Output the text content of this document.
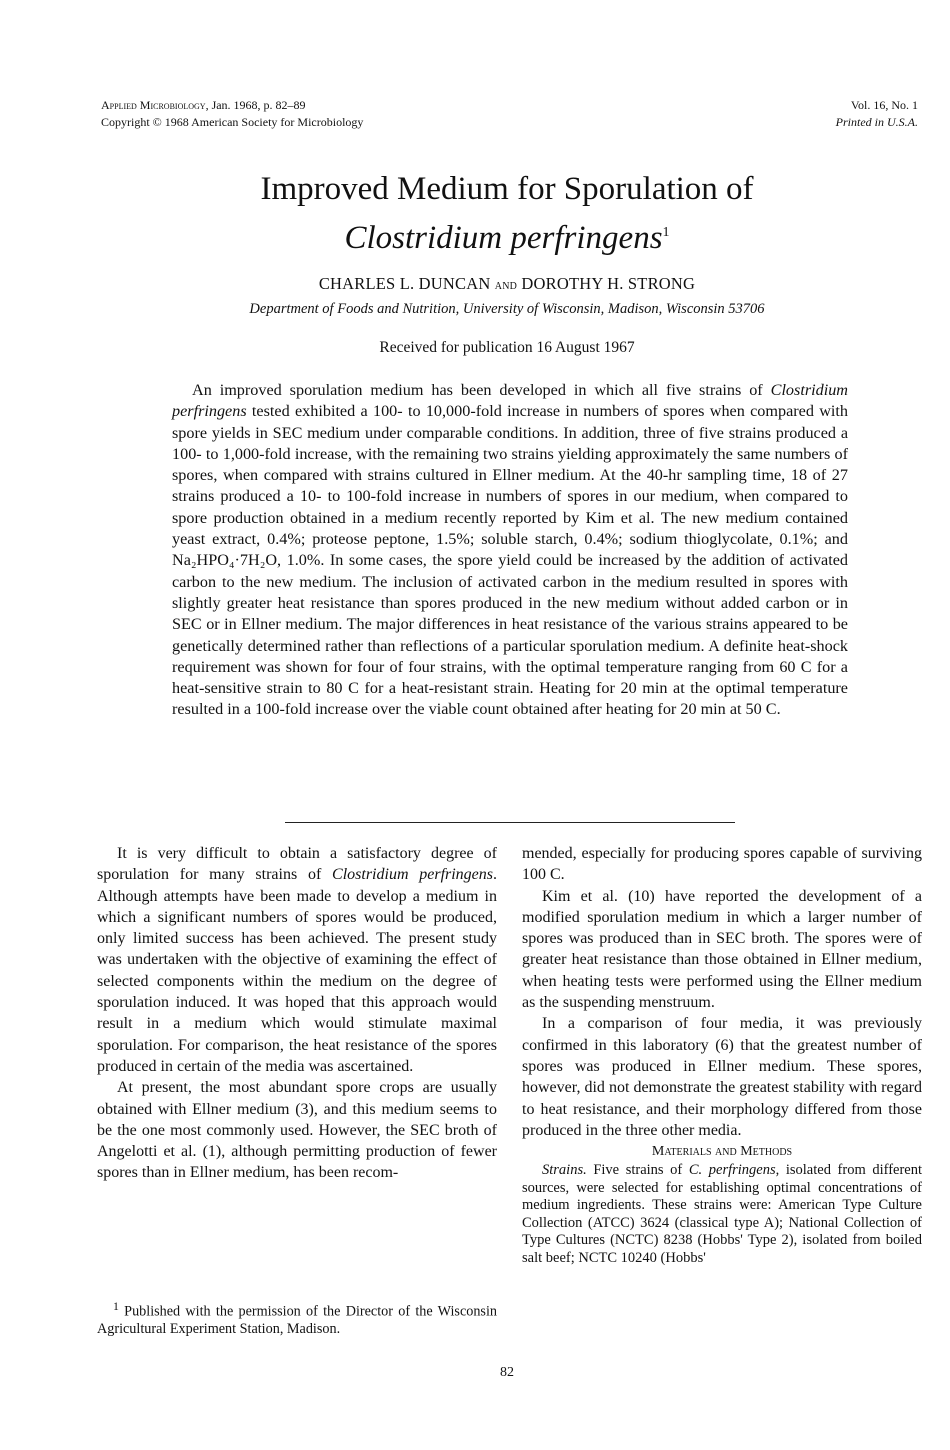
Applied Microbiology, Jan. 1968, p. 82–89
Copyright © 1968 American Society for Microbiology
Vol. 16, No. 1
Printed in U.S.A.
Improved Medium for Sporulation of
Clostridium perfringens$^1$
CHARLES L. DUNCAN and DOROTHY H. STRONG
Department of Foods and Nutrition, University of Wisconsin, Madison, Wisconsin 53706
Received for publication 16 August 1967

An improved sporulation medium has been developed in which all five strains of Clostridium perfringens tested exhibited a 100- to 10,000-fold increase in numbers of spores when compared with spore yields in SEC medium under comparable conditions. In addition, three of five strains produced a 100- to 1,000-fold increase, with the remaining two strains yielding approximately the same numbers of spores, when compared with strains cultured in Ellner medium. At the 40-hr sampling time, 18 of 27 strains produced a 10- to 100-fold increase in numbers of spores in our medium, when compared to spore production obtained in a medium recently reported by Kim et al. The new medium contained yeast extract, 0.4%; proteose peptone, 1.5%; soluble starch, 0.4%; sodium thioglycolate, 0.1%; and Na₂HPO₄·7H₂O, 1.0%. In some cases, the spore yield could be increased by the addition of activated carbon to the new medium. The inclusion of activated carbon in the medium resulted in spores with slightly greater heat resistance than spores produced in the new medium without added carbon or in SEC or in Ellner medium. The major differences in heat resistance of the various strains appeared to be genetically determined rather than reflections of a particular sporulation medium. A definite heat-shock requirement was shown for four of four strains, with the optimal temperature ranging from 60 C for a heat-sensitive strain to 80 C for a heat-resistant strain. Heating for 20 min at the optimal temperature resulted in a 100-fold increase over the viable count obtained after heating for 20 min at 50 C.

It is very difficult to obtain a satisfactory degree of sporulation for many strains of Clostridium perfringens. Although attempts have been made to develop a medium in which a significant numbers of spores would be produced, only limited success has been achieved. The present study was undertaken with the objective of examining the effect of selected components within the medium on the degree of sporulation induced. It was hoped that this approach would result in a medium which would stimulate maximal sporulation. For comparison, the heat resistance of the spores produced in certain of the media was ascertained.

At present, the most abundant spore crops are usually obtained with Ellner medium (3), and this medium seems to be the one most commonly used. However, the SEC broth of Angelotti et al. (1), although permitting production of fewer spores than in Ellner medium, has been recom-

$^1$ Published with the permission of the Director of the Wisconsin Agricultural Experiment Station, Madison.

mended, especially for producing spores capable of surviving 100 C.

Kim et al. (10) have reported the development of a modified sporulation medium in which a larger number of spores was produced than in SEC broth. The spores were of greater heat resistance than those obtained in Ellner medium, when heating tests were performed using the Ellner medium as the suspending menstruum.

In a comparison of four media, it was previously confirmed in this laboratory (6) that the greatest number of spores was produced in Ellner medium. These spores, however, did not demonstrate the greatest stability with regard to heat resistance, and their morphology differed from those produced in the three other media.

Materials and Methods

Strains. Five strains of C. perfringens, isolated from different sources, were selected for establishing optimal concentrations of medium ingredients. These strains were: American Type Culture Collection (ATCC) 3624 (classical type A); National Collection of Type Cultures (NCTC) 8238 (Hobbs' Type 2), isolated from boiled salt beef; NCTC 10240 (Hobbs'

82
